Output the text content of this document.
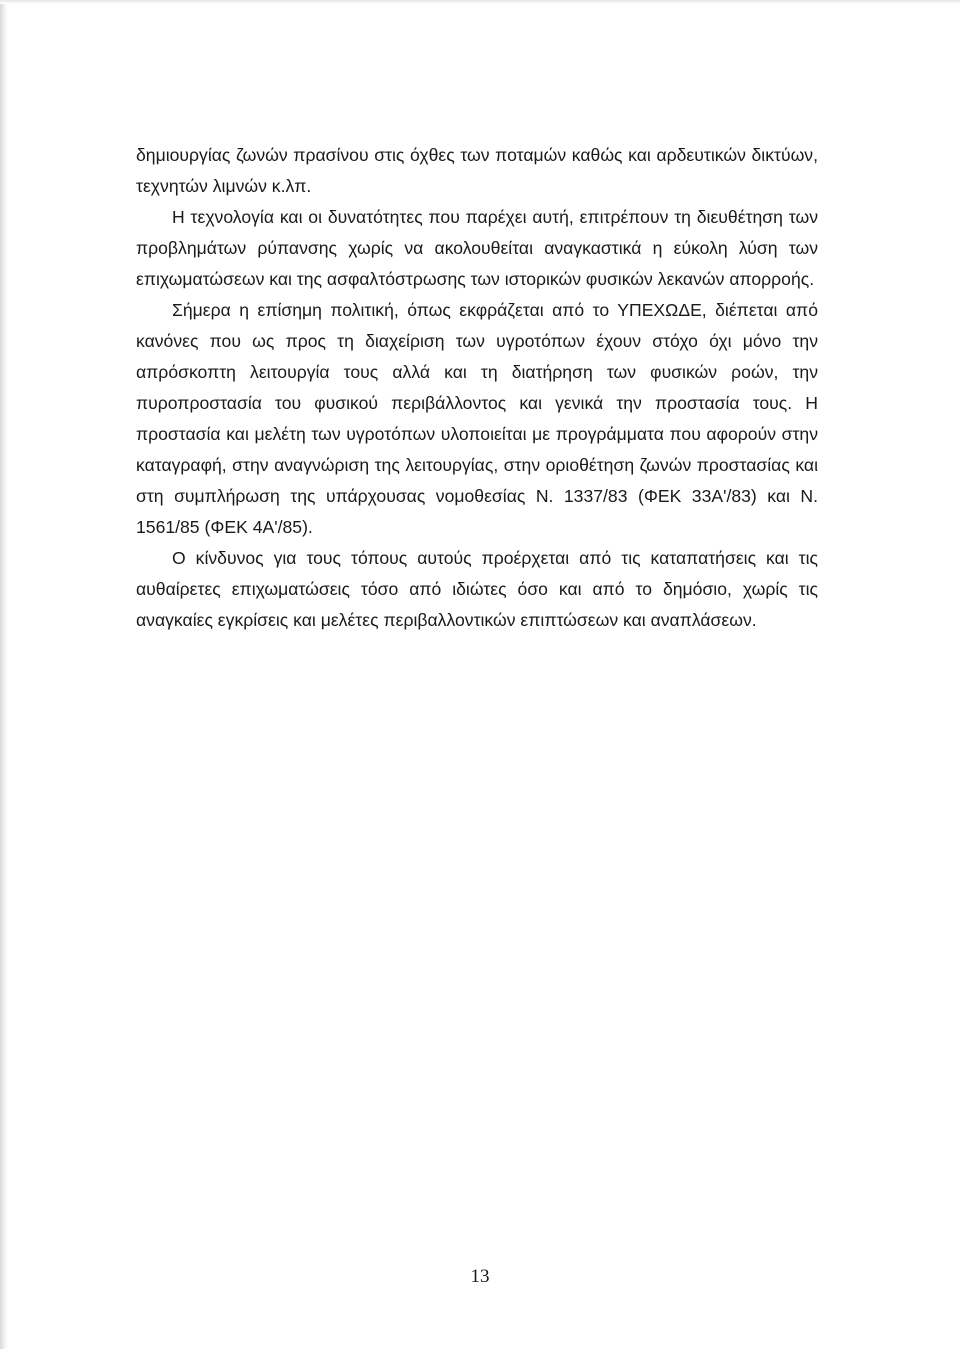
δημιουργίας ζωνών πρασίνου στις όχθες των ποταμών καθώς και αρδευτικών δικτύων, τεχνητών λιμνών κ.λπ.

Η τεχνολογία και οι δυνατότητες που παρέχει αυτή, επιτρέπουν τη διευθέτηση των προβλημάτων ρύπανσης χωρίς να ακολουθείται αναγκαστικά η εύκολη λύση των επιχωματώσεων και της ασφαλτόστρωσης των ιστορικών φυσικών λεκανών απορροής.

Σήμερα η επίσημη πολιτική, όπως εκφράζεται από το ΥΠΕΧΩΔΕ, διέπεται από κανόνες που ως προς τη διαχείριση των υγροτόπων έχουν στόχο όχι μόνο την απρόσκοπτη λειτουργία τους αλλά και τη διατήρηση των φυσικών ροών, την πυροπροστασία του φυσικού περιβάλλοντος και γενικά την προστασία τους. Η προστασία και μελέτη των υγροτόπων υλοποιείται με προγράμματα που αφορούν στην καταγραφή, στην αναγνώριση της λειτουργίας, στην οριοθέτηση ζωνών προστασίας και στη συμπλήρωση της υπάρχουσας νομοθεσίας Ν. 1337/83 (ΦΕΚ 33Α'/83) και Ν. 1561/85 (ΦΕΚ 4Α'/85).

Ο κίνδυνος για τους τόπους αυτούς προέρχεται από τις καταπατήσεις και τις αυθαίρετες επιχωματώσεις τόσο από ιδιώτες όσο και από το δημόσιο, χωρίς τις αναγκαίες εγκρίσεις και μελέτες περιβαλλοντικών επιπτώσεων και αναπλάσεων.

13
